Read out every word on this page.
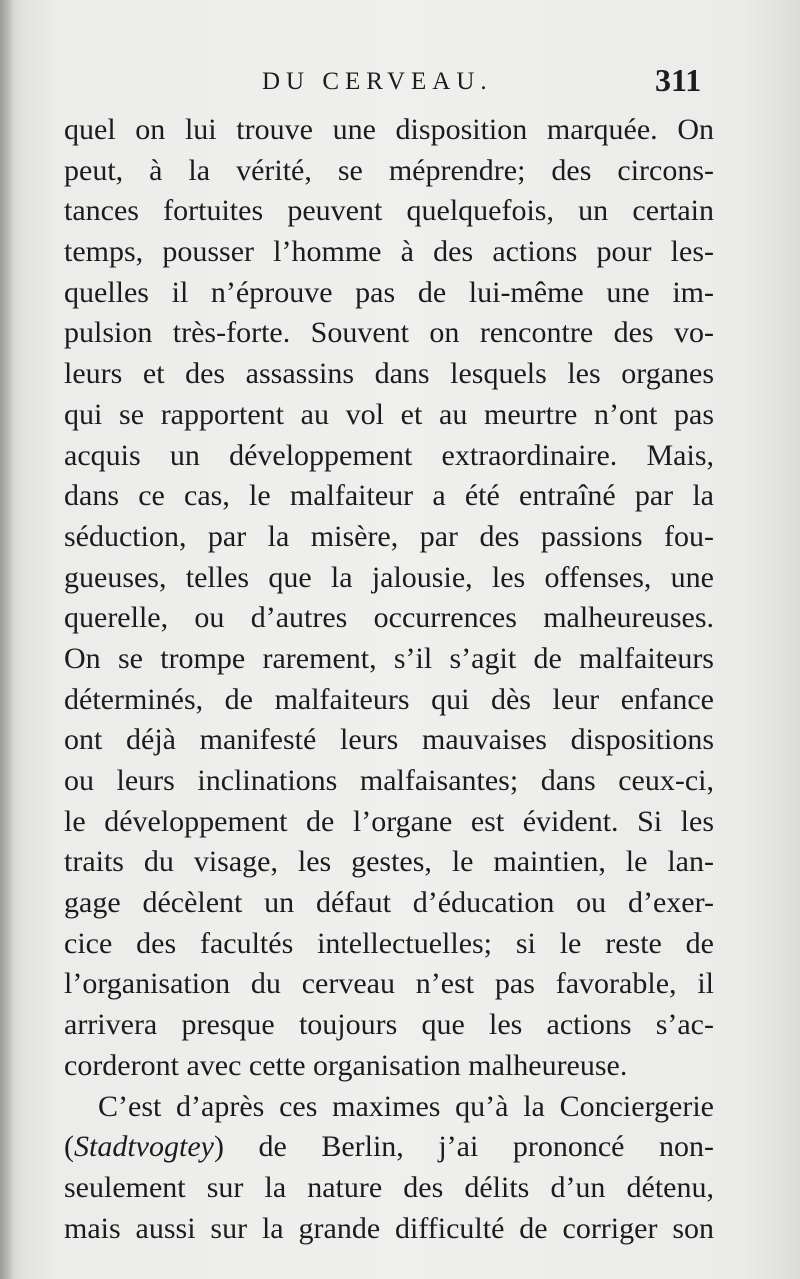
DU CERVEAU.	311
quel on lui trouve une disposition marquée. On
peut, à la vérité, se méprendre; des circons-
tances fortuites peuvent quelquefois, un certain
temps, pousser l’homme à des actions pour les-
quelles il n’éprouve pas de lui-même une im-
pulsion très-forte. Souvent on rencontre des vo-
leurs et des assassins dans lesquels les organes
qui se rapportent au vol et au meurtre n’ont pas
acquis un développement extraordinaire. Mais,
dans ce cas, le malfaiteur a été entraîné par la
séduction, par la misère, par des passions fou-
gueuses, telles que la jalousie, les offenses, une
querelle, ou d’autres occurrences malheureuses.
On se trompe rarement, s’il s’agit de malfaiteurs
déterminés, de malfaiteurs qui dès leur enfance
ont déjà manifesté leurs mauvaises dispositions
ou leurs inclinations malfaisantes; dans ceux-ci,
le développement de l’organe est évident. Si les
traits du visage, les gestes, le maintien, le lan-
gage décèlent un défaut d’éducation ou d’exer-
cice des facultés intellectuelles; si le reste de
l’organisation du cerveau n’est pas favorable, il
arrivera presque toujours que les actions s’ac-
corderont avec cette organisation malheureuse.
C’est d’après ces maximes qu’à la Conciergerie
(Stadtvogtey) de Berlin, j’ai prononcé non-
seulement sur la nature des délits d’un détenu,
mais aussi sur la grande difficulté de corriger son
